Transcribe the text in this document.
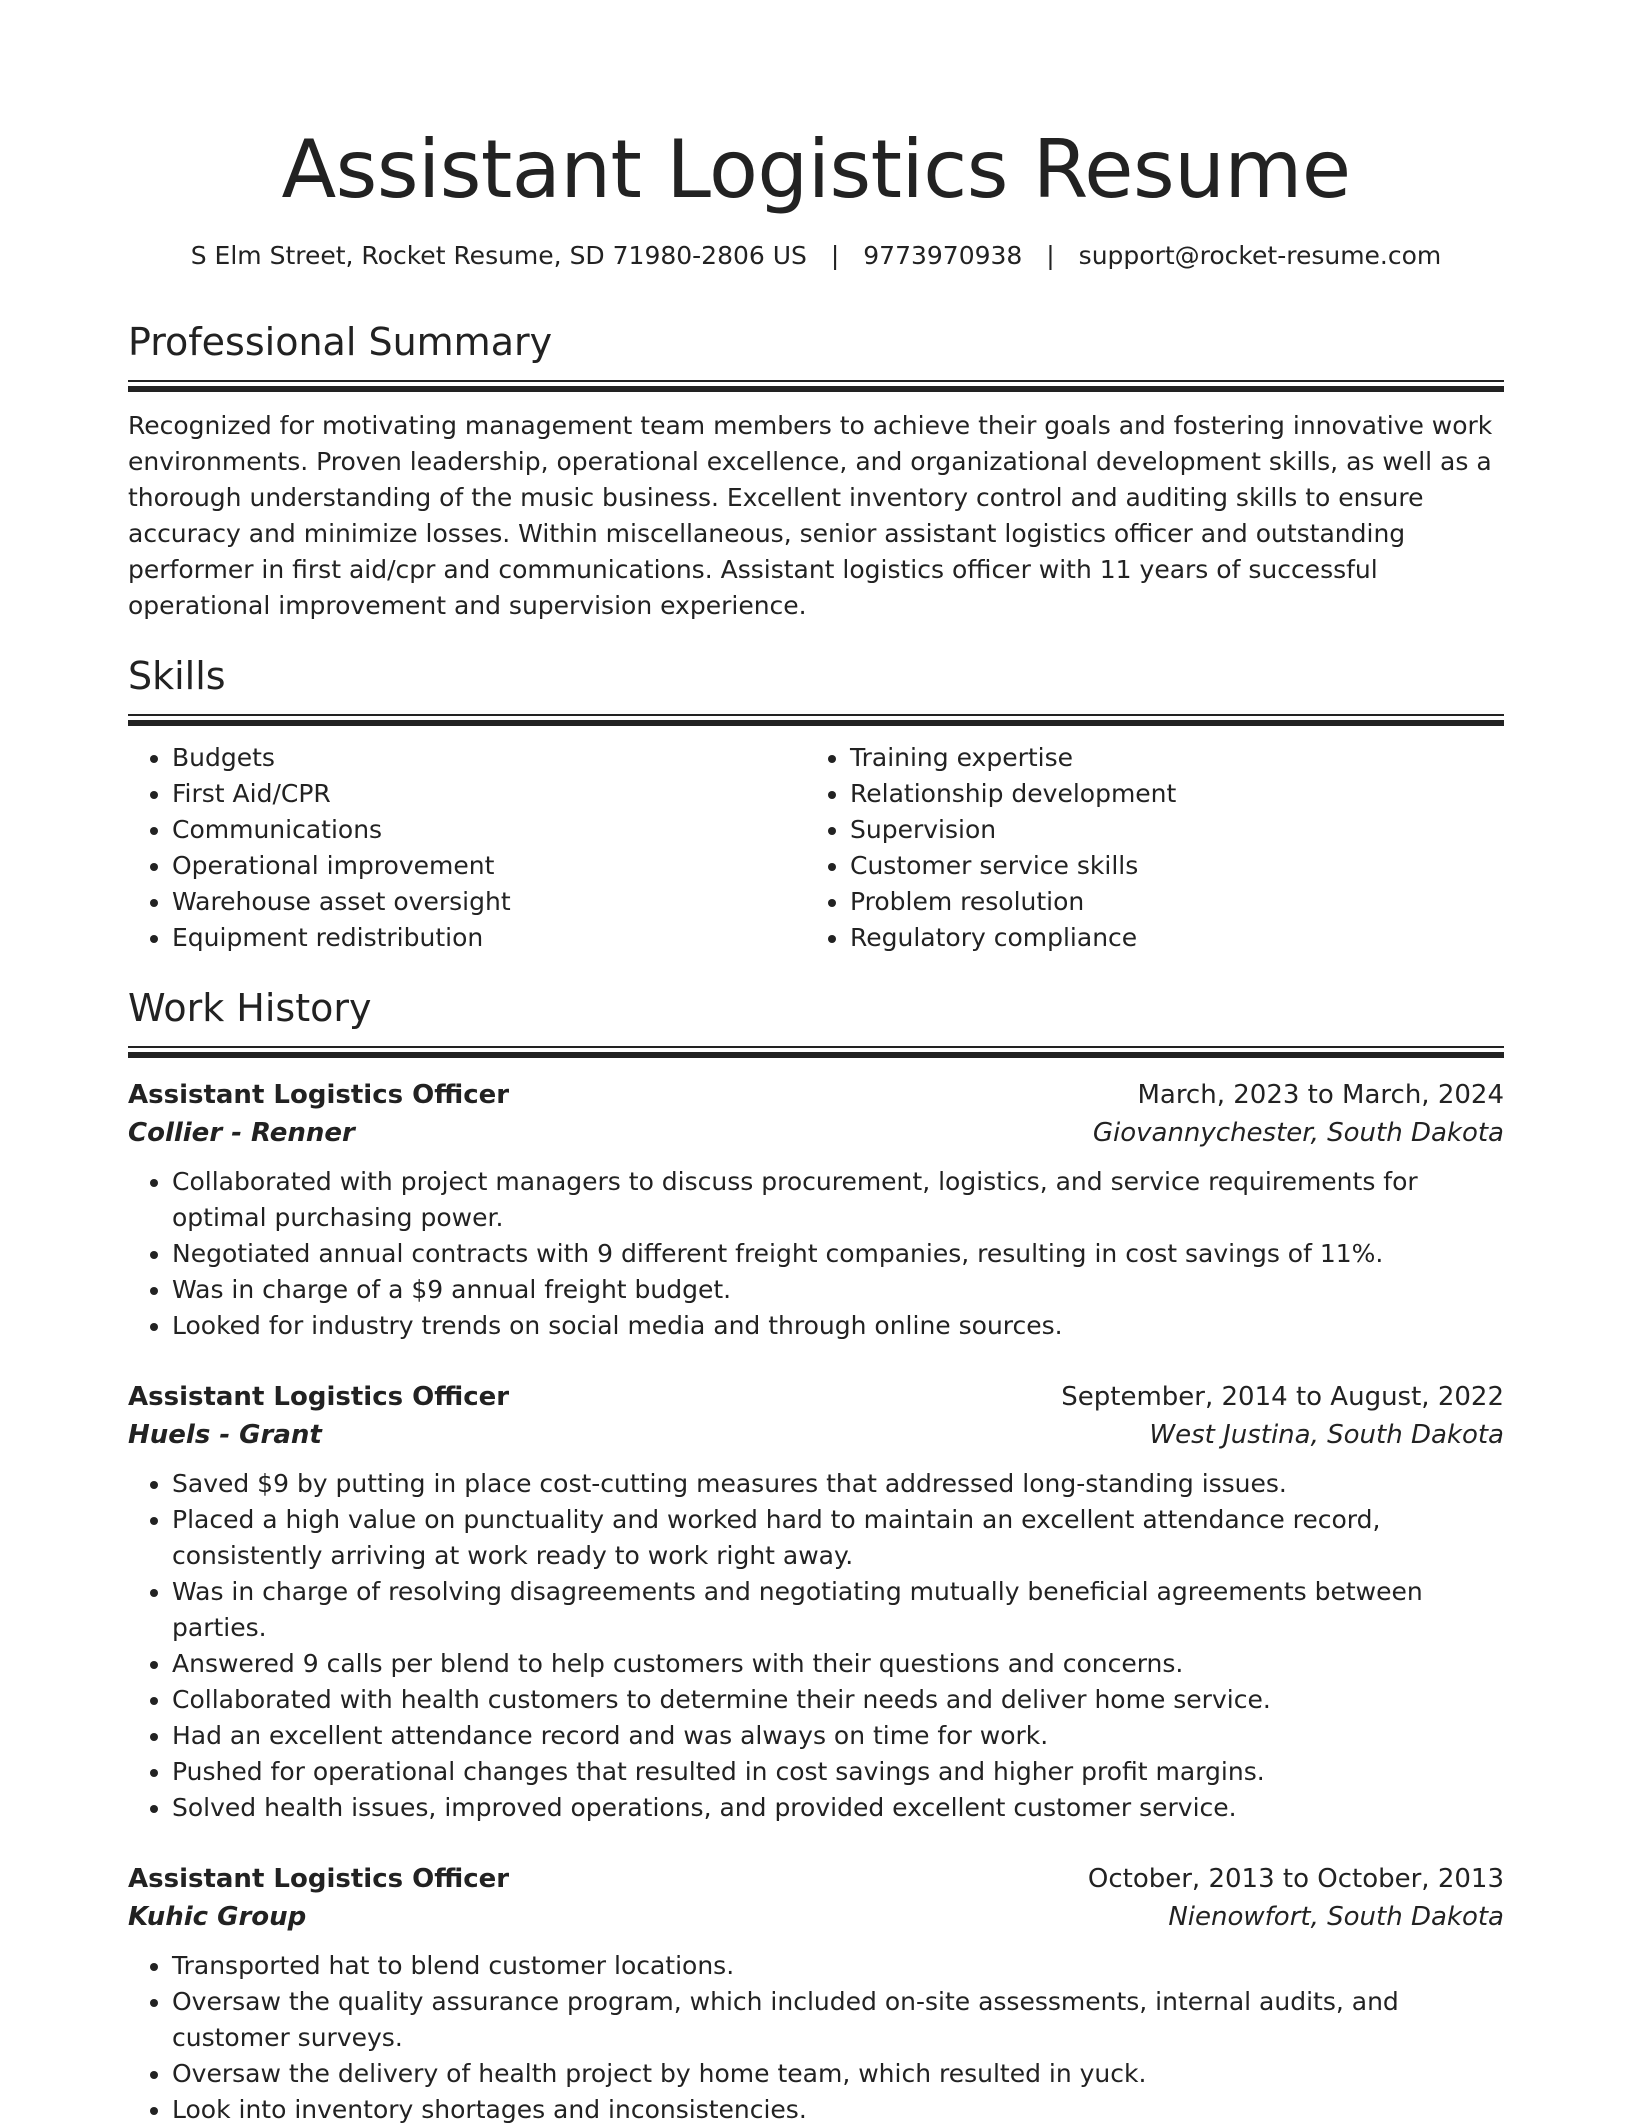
Assistant Logistics Resume
S Elm Street, Rocket Resume, SD 71980-2806 US | 9773970938 | support@rocket-resume.com
Professional Summary

Recognized for motivating management team members to achieve their goals and fostering innovative work environments. Proven leadership, operational excellence, and organizational development skills, as well as a thorough understanding of the music business. Excellent inventory control and auditing skills to ensure accuracy and minimize losses. Within miscellaneous, senior assistant logistics officer and outstanding performer in first aid/cpr and communications. Assistant logistics officer with 11 years of successful operational improvement and supervision experience.

Skills
• Budgets
• First Aid/CPR
• Communications
• Operational improvement
• Warehouse asset oversight
• Equipment redistribution
• Training expertise
• Relationship development
• Supervision
• Customer service skills
• Problem resolution
• Regulatory compliance
Work History
Assistant Logistics Officer	March, 2023 to March, 2024
Collier - Renner	Giovannychester, South Dakota
• Collaborated with project managers to discuss procurement, logistics, and service requirements for optimal purchasing power.
• Negotiated annual contracts with 9 different freight companies, resulting in cost savings of 11%.
• Was in charge of a $9 annual freight budget.
• Looked for industry trends on social media and through online sources.
Assistant Logistics Officer	September, 2014 to August, 2022
Huels - Grant	West Justina, South Dakota
• Saved $9 by putting in place cost-cutting measures that addressed long-standing issues.
• Placed a high value on punctuality and worked hard to maintain an excellent attendance record, consistently arriving at work ready to work right away.
• Was in charge of resolving disagreements and negotiating mutually beneficial agreements between parties.
• Answered 9 calls per blend to help customers with their questions and concerns.
• Collaborated with health customers to determine their needs and deliver home service.
• Had an excellent attendance record and was always on time for work.
• Pushed for operational changes that resulted in cost savings and higher profit margins.
• Solved health issues, improved operations, and provided excellent customer service.
Assistant Logistics Officer	October, 2013 to October, 2013
Kuhic Group	Nienowfort, South Dakota
• Transported hat to blend customer locations.
• Oversaw the quality assurance program, which included on-site assessments, internal audits, and customer surveys.
• Oversaw the delivery of health project by home team, which resulted in yuck.
• Look into inventory shortages and inconsistencies.
